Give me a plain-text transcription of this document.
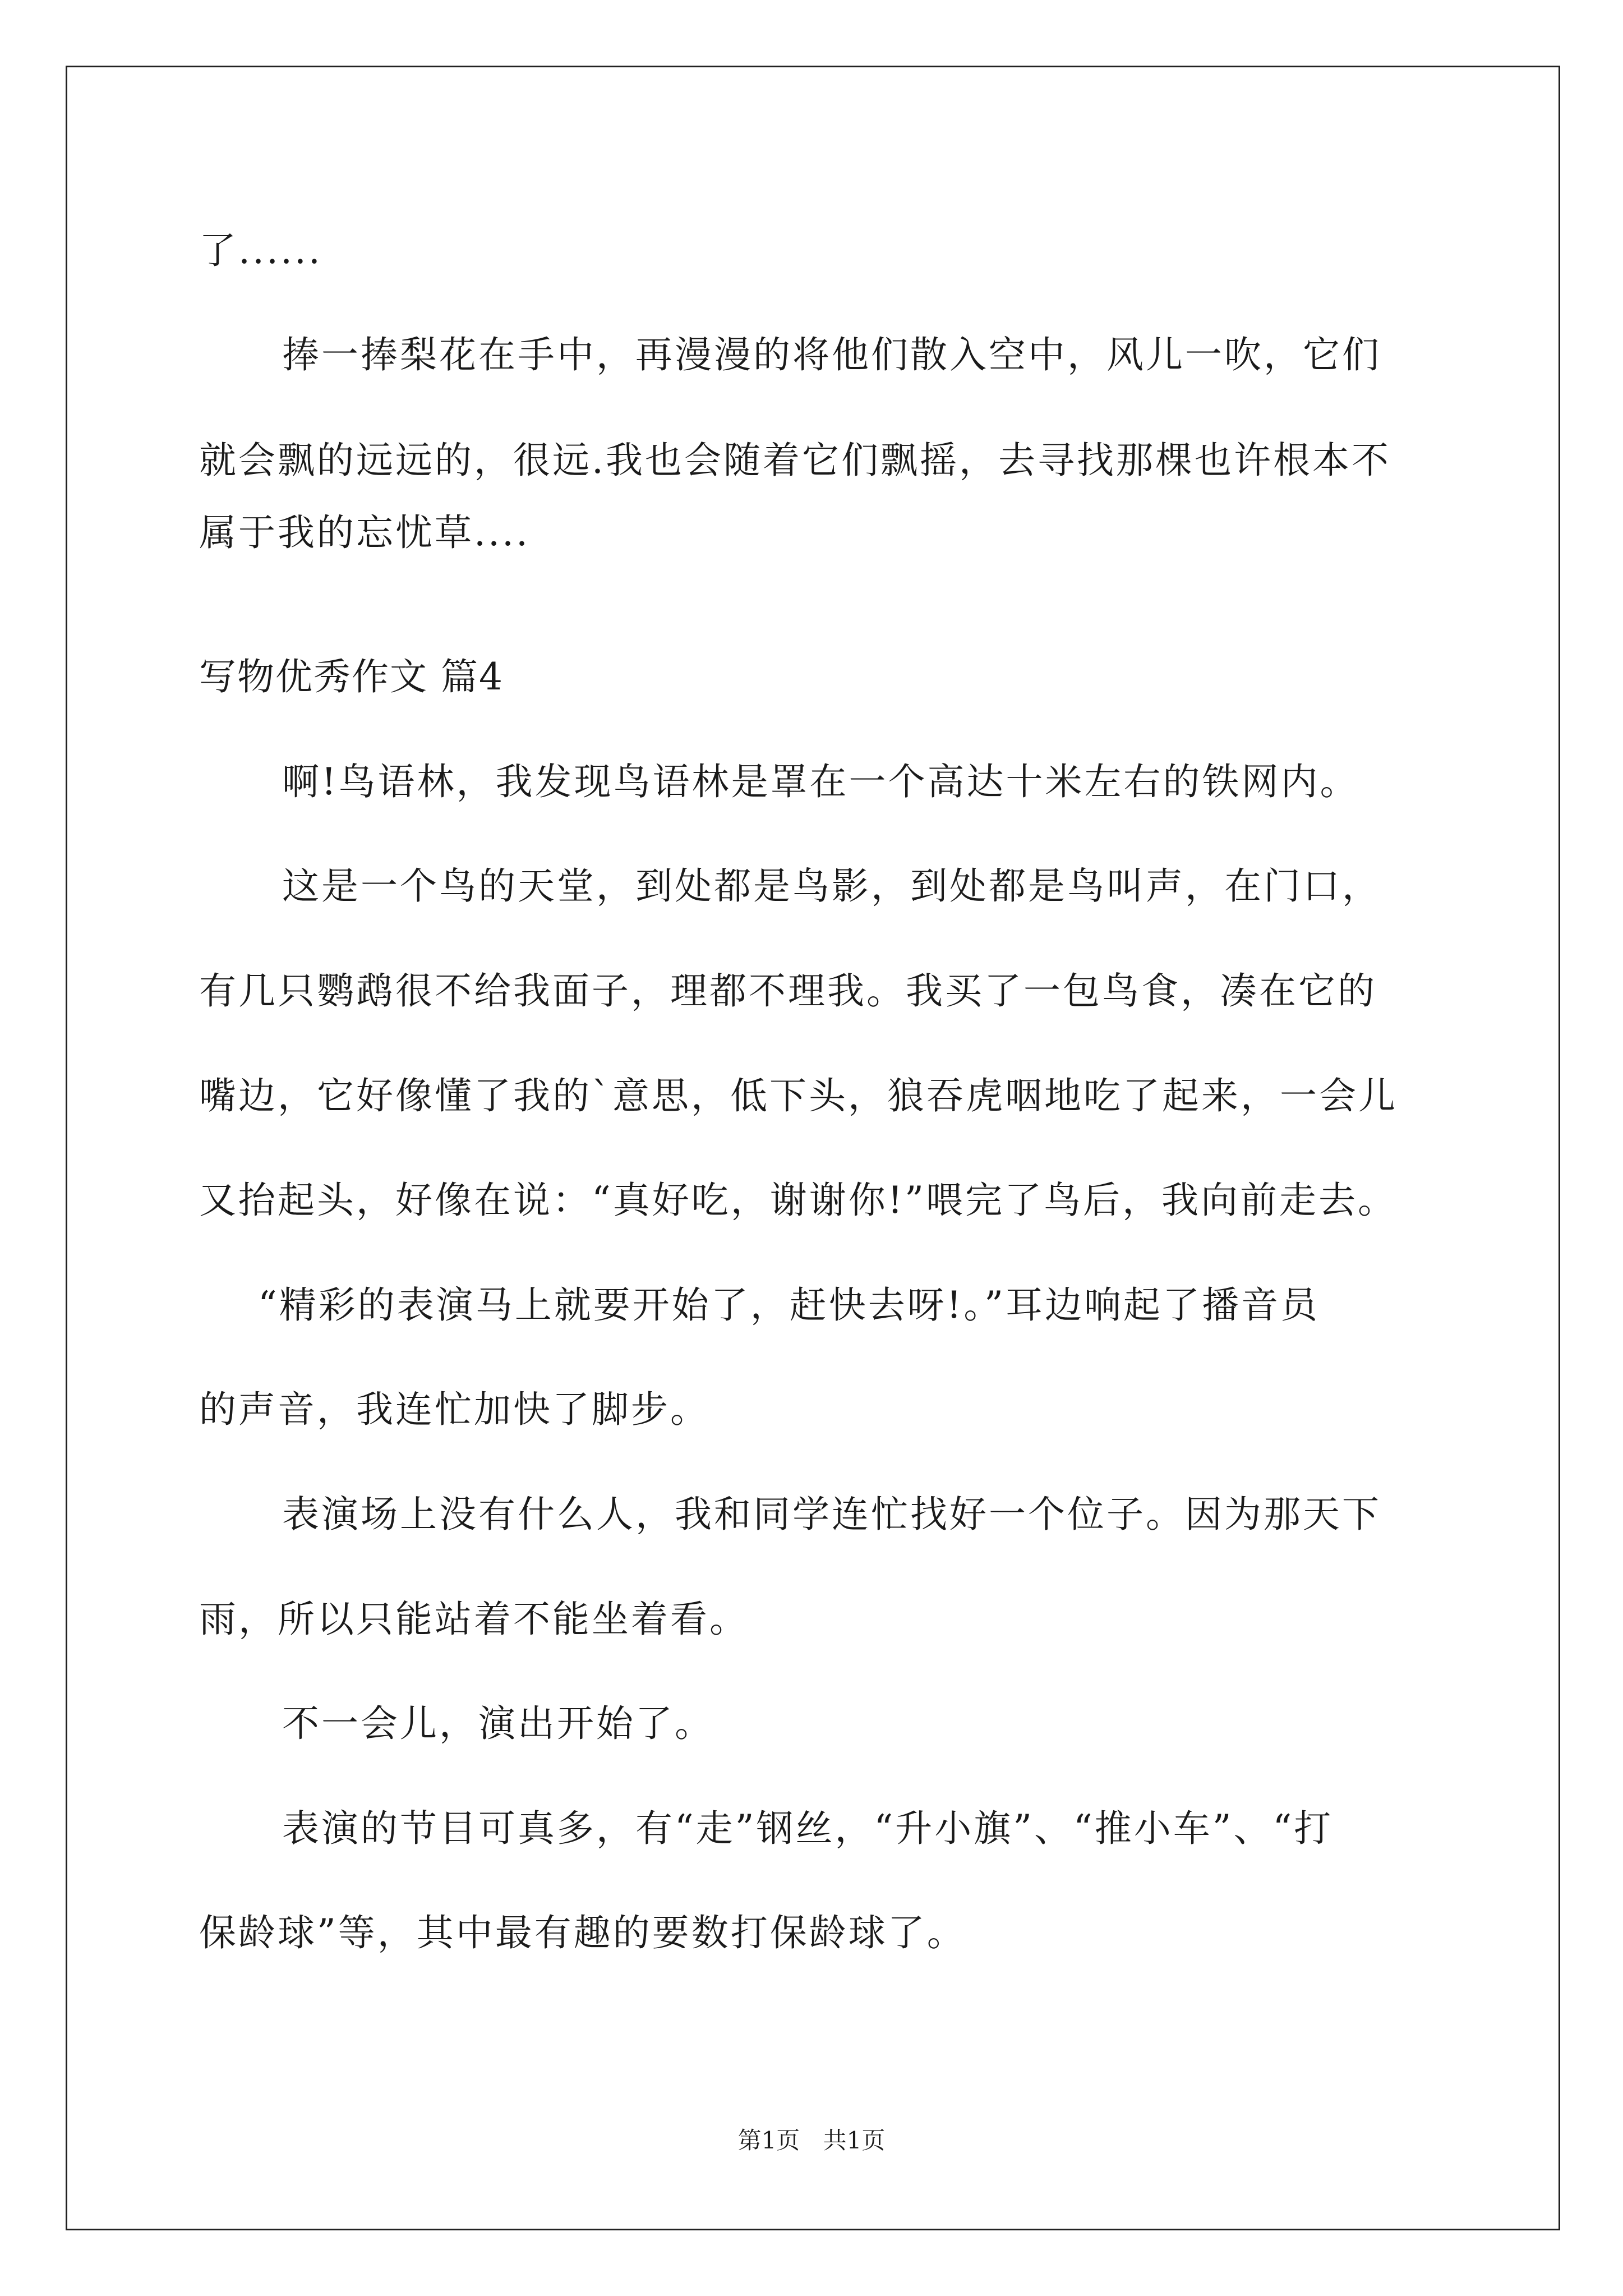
了......
捧一捧梨花在手中，再漫漫的将他们散入空中，风儿一吹，它们
就会飘的远远的，很远.我也会随着它们飘摇，去寻找那棵也许根本不
属于我的忘忧草....
写物优秀作文 篇4
啊!鸟语林，我发现鸟语林是罩在一个高达十米左右的铁网内。
这是一个鸟的天堂，到处都是鸟影，到处都是鸟叫声，在门口，
有几只鹦鹉很不给我面子，理都不理我。我买了一包鸟食，凑在它的
嘴边，它好像懂了我的`意思，低下头，狼吞虎咽地吃了起来，一会儿
又抬起头，好像在说：“真好吃，谢谢你!”喂完了鸟后，我向前走去。
“精彩的表演马上就要开始了，赶快去呀!。”耳边响起了播音员
的声音，我连忙加快了脚步。
表演场上没有什么人，我和同学连忙找好一个位子。因为那天下
雨，所以只能站着不能坐着看。
不一会儿，演出开始了。
表演的节目可真多，有“走”钢丝，“升小旗”、“推小车”、“打
保龄球”等，其中最有趣的要数打保龄球了。
第1页 共1页
